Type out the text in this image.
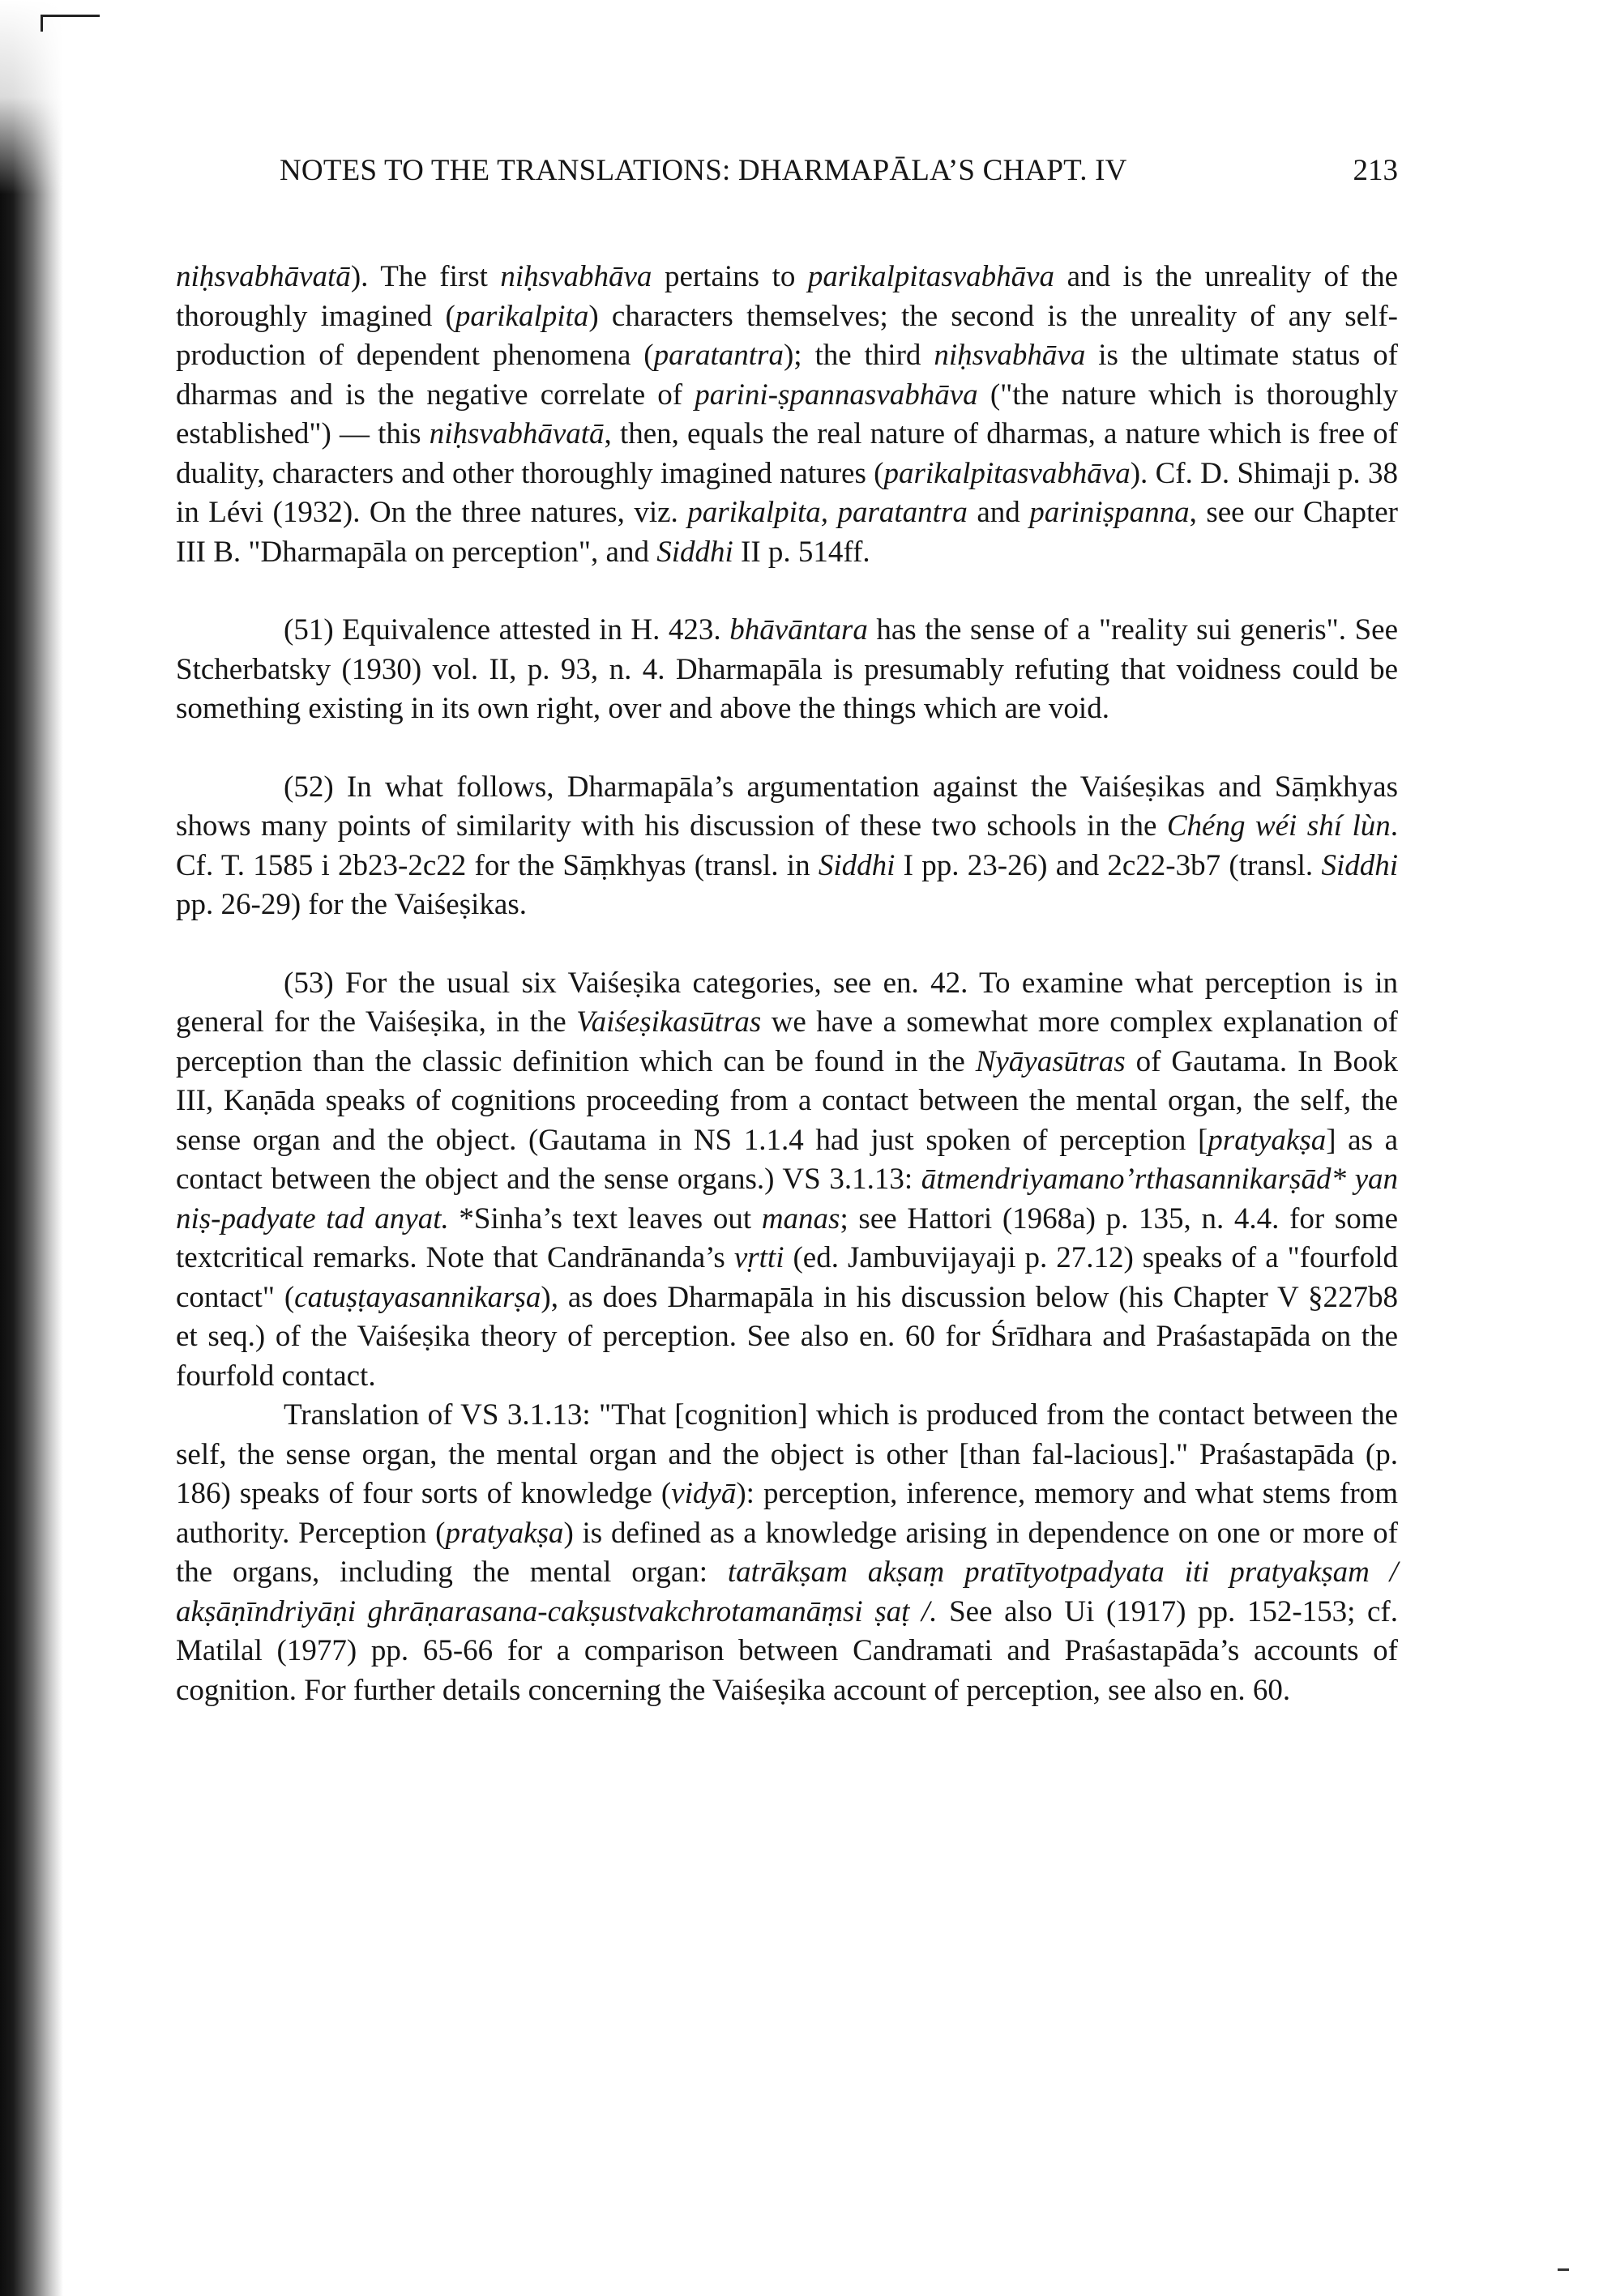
NOTES TO THE TRANSLATIONS: DHARMAPĀLA’S CHAPT. IV	213

niḥsvabhāvatā). The first niḥsvabhāva pertains to parikalpitasvabhāva and is the unreality of the thoroughly imagined (parikalpita) characters themselves; the second is the unreality of any self-production of dependent phenomena (paratantra); the third niḥsvabhāva is the ultimate status of dharmas and is the negative correlate of parini-ṣpannasvabhāva ("the nature which is thoroughly established") — this niḥsvabhāvatā, then, equals the real nature of dharmas, a nature which is free of duality, characters and other thoroughly imagined natures (parikalpitasvabhāva). Cf. D. Shimaji p. 38 in Lévi (1932). On the three natures, viz. parikalpita, paratantra and pariniṣpanna, see our Chapter III B. "Dharmapāla on perception", and Siddhi II p. 514ff.

(51) Equivalence attested in H. 423. bhāvāntara has the sense of a "reality sui generis". See Stcherbatsky (1930) vol. II, p. 93, n. 4. Dharmapāla is presumably refuting that voidness could be something existing in its own right, over and above the things which are void.

(52) In what follows, Dharmapāla’s argumentation against the Vaiśeṣikas and Sāṃkhyas shows many points of similarity with his discussion of these two schools in the Chéng wéi shí lùn. Cf. T. 1585 i 2b23-2c22 for the Sāṃkhyas (transl. in Siddhi I pp. 23-26) and 2c22-3b7 (transl. Siddhi pp. 26-29) for the Vaiśeṣikas.

(53) For the usual six Vaiśeṣika categories, see en. 42. To examine what perception is in general for the Vaiśeṣika, in the Vaiśeṣikasūtras we have a somewhat more complex explanation of perception than the classic definition which can be found in the Nyāyasūtras of Gautama. In Book III, Kaṇāda speaks of cognitions proceeding from a contact between the mental organ, the self, the sense organ and the object. (Gautama in NS 1.1.4 had just spoken of perception [pratyakṣa] as a contact between the object and the sense organs.) VS 3.1.13: ātmendriyamano’rthasannikarṣād* yan niṣ-padyate tad anyat. *Sinha’s text leaves out manas; see Hattori (1968a) p. 135, n. 4.4. for some textcritical remarks. Note that Candrānanda’s vṛtti (ed. Jambuvijayaji p. 27.12) speaks of a "fourfold contact" (catuṣṭayasannikarṣa), as does Dharmapāla in his discussion below (his Chapter V §227b8 et seq.) of the Vaiśeṣika theory of perception. See also en. 60 for Śrīdhara and Praśastapāda on the fourfold contact.

Translation of VS 3.1.13: "That [cognition] which is produced from the contact between the self, the sense organ, the mental organ and the object is other [than fal-lacious]." Praśastapāda (p. 186) speaks of four sorts of knowledge (vidyā): perception, inference, memory and what stems from authority. Perception (pratyakṣa) is defined as a knowledge arising in dependence on one or more of the organs, including the mental organ: tatrākṣam akṣaṃ pratītyotpadyata iti pratyakṣam / akṣāṇīndriyāṇi ghrāṇarasana-cakṣustvakchrotamanāṃsi ṣaṭ /. See also Ui (1917) pp. 152-153; cf. Matilal (1977) pp. 65-66 for a comparison between Candramati and Praśastapāda’s accounts of cognition. For further details concerning the Vaiśeṣika account of perception, see also en. 60.
